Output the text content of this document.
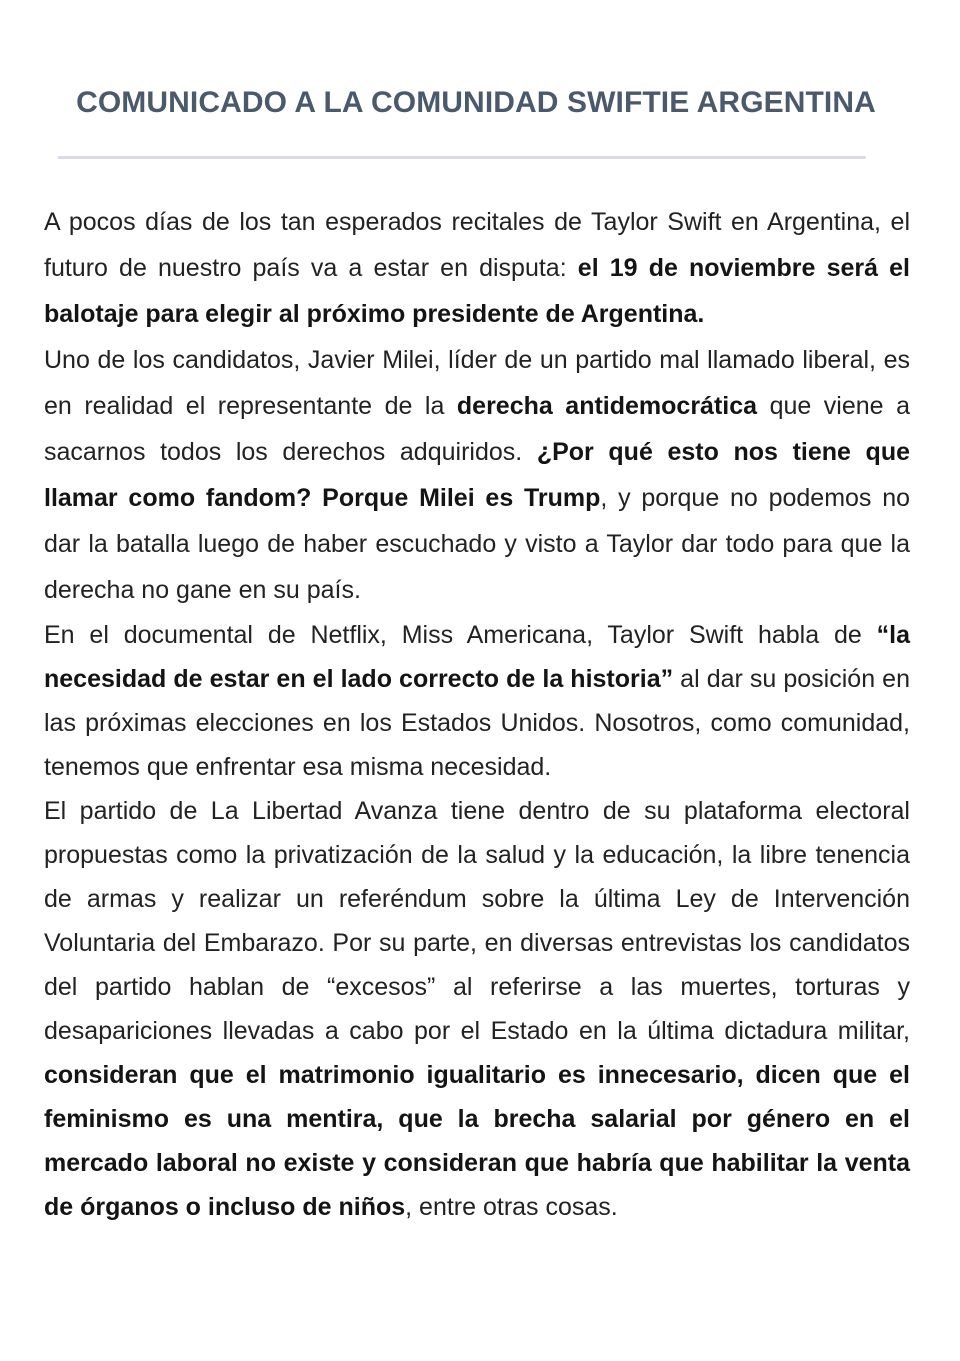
COMUNICADO A LA COMUNIDAD SWIFTIE ARGENTINA

A pocos días de los tan esperados recitales de Taylor Swift en Argentina, el futuro de nuestro país va a estar en disputa: el 19 de noviembre será el balotaje para elegir al próximo presidente de Argentina.

Uno de los candidatos, Javier Milei, líder de un partido mal llamado liberal, es en realidad el representante de la derecha antidemocrática que viene a sacarnos todos los derechos adquiridos. ¿Por qué esto nos tiene que llamar como fandom? Porque Milei es Trump, y porque no podemos no dar la batalla luego de haber escuchado y visto a Taylor dar todo para que la derecha no gane en su país.

En el documental de Netflix, Miss Americana, Taylor Swift habla de “la necesidad de estar en el lado correcto de la historia” al dar su posición en las próximas elecciones en los Estados Unidos. Nosotros, como comunidad, tenemos que enfrentar esa misma necesidad.

El partido de La Libertad Avanza tiene dentro de su plataforma electoral propuestas como la privatización de la salud y la educación, la libre tenencia de armas y realizar un referéndum sobre la última Ley de Intervención Voluntaria del Embarazo. Por su parte, en diversas entrevistas los candidatos del partido hablan de “excesos” al referirse a las muertes, torturas y desapariciones llevadas a cabo por el Estado en la última dictadura militar, consideran que el matrimonio igualitario es innecesario, dicen que el feminismo es una mentira, que la brecha salarial por género en el mercado laboral no existe y consideran que habría que habilitar la venta de órganos o incluso de niños, entre otras cosas.
